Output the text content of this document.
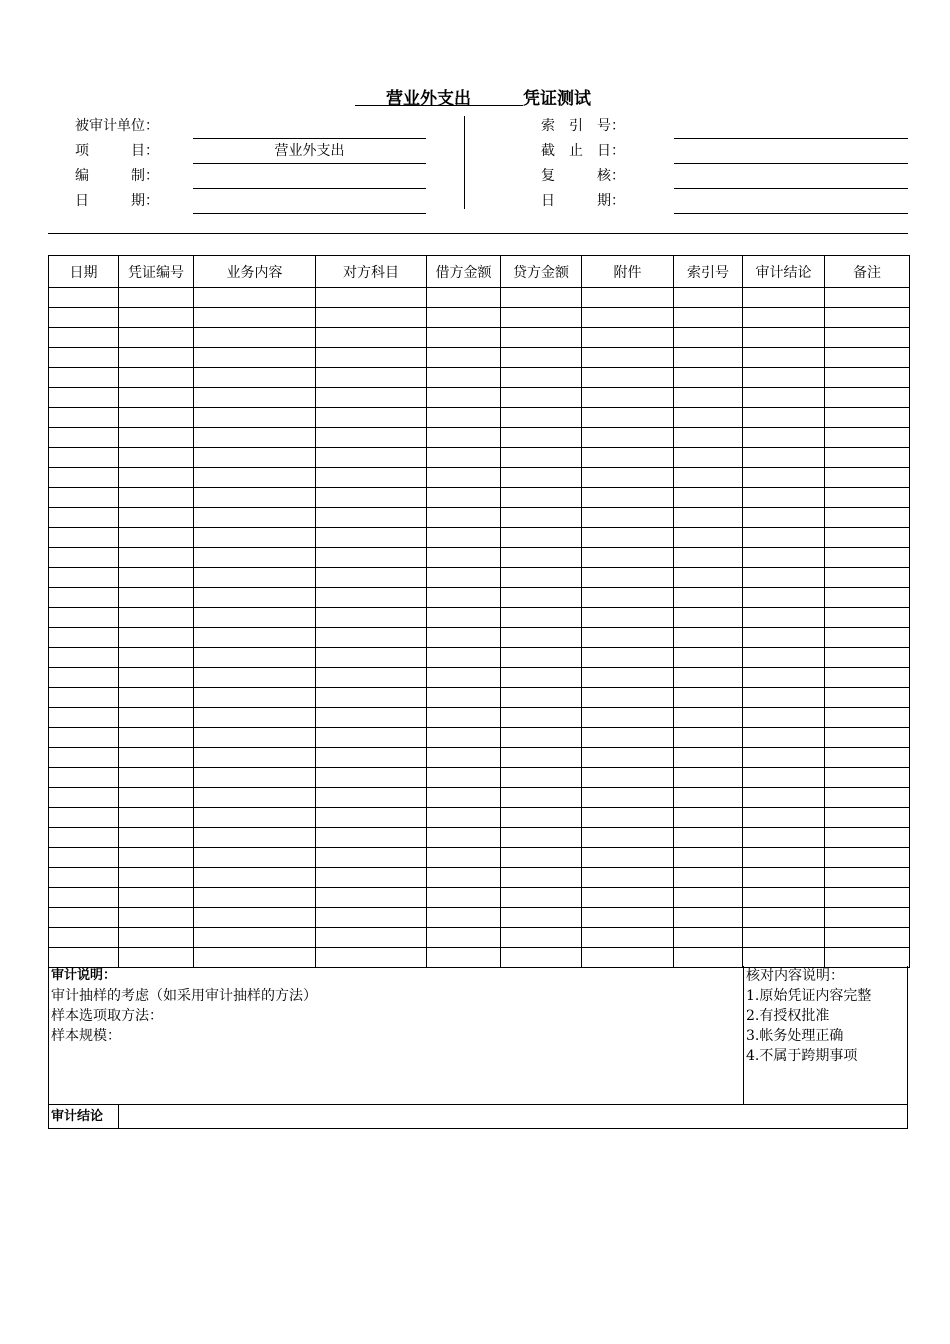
营业外支出	凭证测试
被审计单位：
项　　　目：	营业外支出
编　　　制：
日　　　期：
索　引　号：
截　止　日：
复　　　核：
日　　　期：
日期	凭证编号	业务内容	对方科目	借方金额	贷方金额	附件	索引号	审计结论	备注

审计说明：
审计抽样的考虑（如采用审计抽样的方法）
样本选项取方法：
样本规模：
核对内容说明：
1.原始凭证内容完整
2.有授权批准
3.帐务处理正确
4.不属于跨期事项
审计结论
